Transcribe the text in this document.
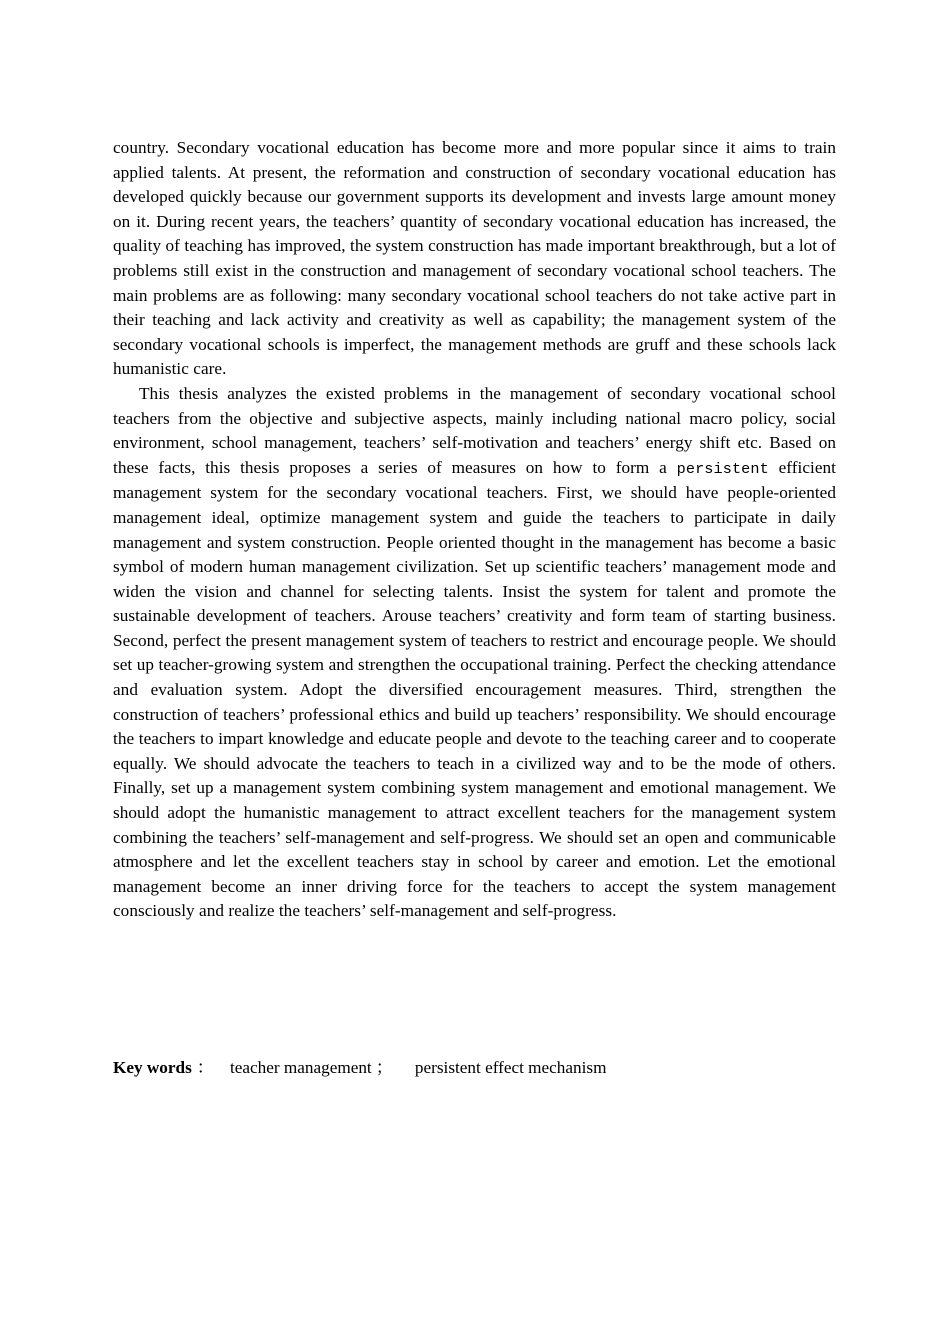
country. Secondary vocational education has become more and more popular since it aims to train applied talents. At present, the reformation and construction of secondary vocational education has developed quickly because our government supports its development and invests large amount money on it. During recent years, the teachers’ quantity of secondary vocational education has increased, the quality of teaching has improved, the system construction has made important breakthrough, but a lot of problems still exist in the construction and management of secondary vocational school teachers. The main problems are as following: many secondary vocational school teachers do not take active part in their teaching and lack activity and creativity as well as capability; the management system of the secondary vocational schools is imperfect, the management methods are gruff and these schools lack humanistic care.

This thesis analyzes the existed problems in the management of secondary vocational school teachers from the objective and subjective aspects, mainly including national macro policy, social environment, school management, teachers’ self-motivation and teachers’ energy shift etc. Based on these facts, this thesis proposes a series of measures on how to form a persistent efficient management system for the secondary vocational teachers. First, we should have people-oriented management ideal, optimize management system and guide the teachers to participate in daily management and system construction. People oriented thought in the management has become a basic symbol of modern human management civilization. Set up scientific teachers’ management mode and widen the vision and channel for selecting talents. Insist the system for talent and promote the sustainable development of teachers. Arouse teachers’ creativity and form team of starting business. Second, perfect the present management system of teachers to restrict and encourage people. We should set up teacher-growing system and strengthen the occupational training. Perfect the checking attendance and evaluation system. Adopt the diversified encouragement measures. Third, strengthen the construction of teachers’ professional ethics and build up teachers’ responsibility. We should encourage the teachers to impart knowledge and educate people and devote to the teaching career and to cooperate equally. We should advocate the teachers to teach in a civilized way and to be the mode of others. Finally, set up a management system combining system management and emotional management. We should adopt the humanistic management to attract excellent teachers for the management system combining the teachers’ self-management and self-progress. We should set an open and communicable atmosphere and let the excellent teachers stay in school by career and emotion. Let the emotional management become an inner driving force for the teachers to accept the system management consciously and realize the teachers’ self-management and self-progress.

Key words ： teacher management ； persistent effect mechanism
